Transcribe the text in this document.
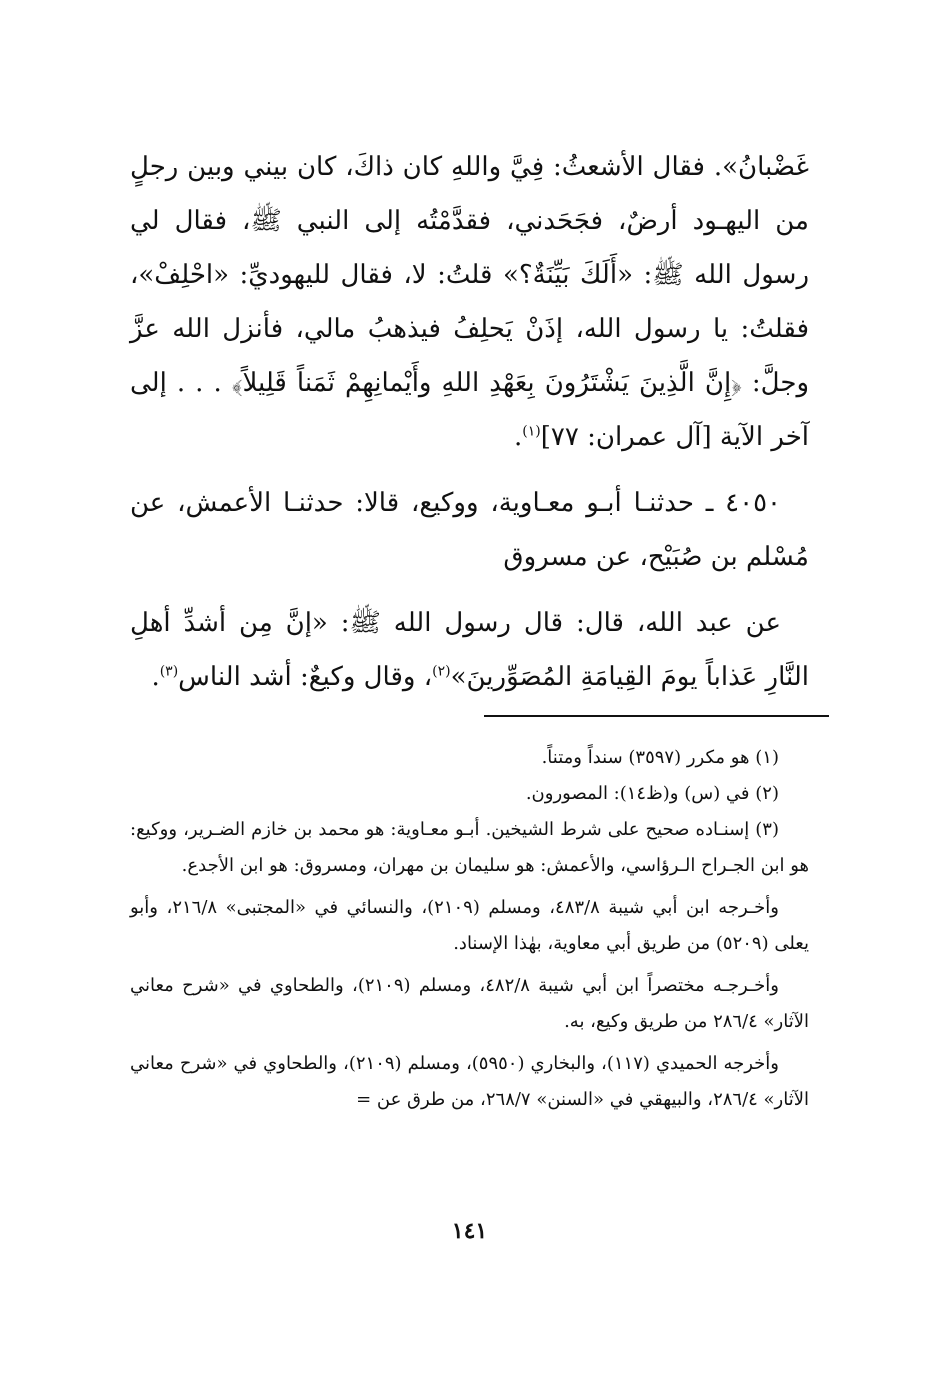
غَضْبانُ». فقال الأشعثُ: فِيَّ واللهِ كان ذاكَ، كان بيني وبين رجلٍ من اليهـود أرضٌ، فجَحَدني، فقدَّمْتُه إلى النبي ﷺ، فقال لي رسول الله ﷺ: «أَلَكَ بَيِّنَةٌ؟» قلتُ: لا، فقال لليهوديِّ: «احْلِفْ»، فقلتُ: يا رسول الله، إذَنْ يَحلِفُ فيذهبُ مالي، فأنزل الله عزَّ وجلَّ: ﴿إِنَّ الَّذِينَ يَشْتَرُونَ بِعَهْدِ اللهِ وأَيْمانِهِمْ ثَمَناً قَلِيلاً﴾ . . . إلى آخر الآية [آل عمران: ٧٧]$^{(١)}$.

٤٠٥٠ ـ حدثنـا أبـو معـاوية، ووكيع، قالا: حدثنـا الأعمش، عن مُسْلم بن صُبَيْح، عن مسروق

عن عبد الله، قال: قال رسول الله ﷺ: «إنَّ مِن أشدِّ أهلِ النَّارِ عَذاباً يومَ القِيامَةِ المُصَوِّرينَ»$^{(٢)}$، وقال وكيعٌ: أشد الناس$^{(٣)}$.

(١) هو مكرر (٣٥٩٧) سنداً ومتناً.

(٢) في (س) و(ظ١٤): المصورون.

(٣) إسنـاده صحيح على شرط الشيخين. أبـو معـاوية: هو محمد بن خازم الضـرير، ووكيع: هو ابن الجـراح الـرؤاسي، والأعمش: هو سليمان بن مهران، ومسروق: هو ابن الأجدع.

وأخـرجه ابن أبي شيبة ٤٨٣/٨، ومسلم (٢١٠٩)، والنسائي في «المجتبى» ٢١٦/٨، وأبو يعلى (٥٢٠٩) من طريق أبي معاوية، بهٰذا الإسناد.

وأخـرجـه مختصراً ابن أبي شيبة ٤٨٢/٨، ومسلم (٢١٠٩)، والطحاوي في «شرح معاني الآثار» ٢٨٦/٤ من طريق وكيع، به.

وأخرجه الحميدي (١١٧)، والبخاري (٥٩٥٠)، ومسلم (٢١٠٩)، والطحاوي في «شرح معاني الآثار» ٢٨٦/٤، والبيهقي في «السنن» ٢٦٨/٧، من طرق عن =

١٤١
